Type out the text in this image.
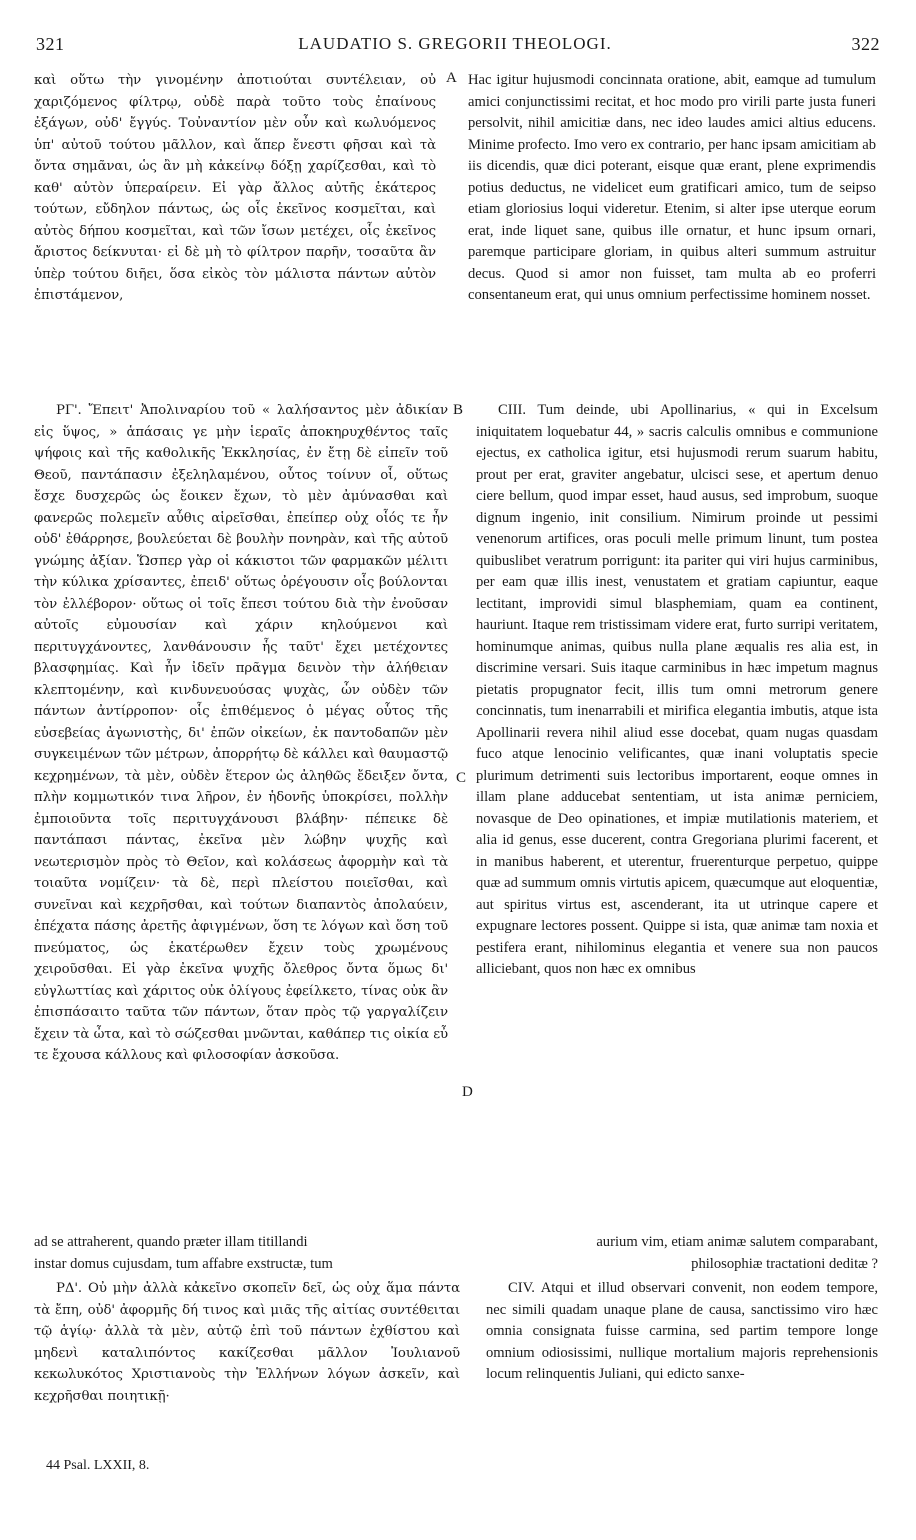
321	LAUDATIO S. GREGORII THEOLOGI.	322
A
B
C
D

καὶ οὕτω τὴν γινομένην ἀποτιούται συντέλειαν, οὐ χαριζόμενος φίλτρῳ, οὐδὲ παρὰ τοῦτο τοὺς ἐπαίνους ἐξάγων, οὐδ' ἔγγύς. Τοὐναντίον μὲν οὖν καὶ κωλυόμενος ὑπ' αὐτοῦ τούτου μᾶλλον, καὶ ἅπερ ἔνεστι φῆσαι καὶ τὰ ὄντα σημᾶναι, ὡς ἂν μὴ κἀκείνῳ δόξῃ χαρίζεσθαι, καὶ τὸ καθ' αὑτὸν ὑπεραίρειν. Εἰ γὰρ ἄλλος αὐτῆς ἑκάτερος τούτων, εὔδηλον πάντως, ὡς οἷς ἐκεῖνος κοσμεῖται, καὶ αὐτὸς δήπου κοσμεῖται, καὶ τῶν ἴσων μετέχει, οἷς ἐκεῖνος ἄριστος δείκνυται· εἰ δὲ μὴ τὸ φίλτρον παρῆν, τοσαῦτα ἂν ὑπὲρ τούτου διῆει, ὅσα εἰκὸς τὸν μάλιστα πάντων αὐτὸν ἐπιστάμενον,

Hac igitur hujusmodi concinnata oratione, abit, eamque ad tumulum amici conjunctissimi recitat, et hoc modo pro virili parte justa funeri persolvit, nihil amicitiæ dans, nec ideo laudes amici altius educens. Minime profecto. Imo vero ex contrario, per hanc ipsam amicitiam ab iis dicendis, quæ dici poterant, eisque quæ erant, plene exprimendis potius deductus, ne videlicet eum gratificari amico, tum de seipso etiam gloriosius loqui videretur. Etenim, si alter ipse uterque eorum erat, inde liquet sane, quibus ille ornatur, et hunc ipsum ornari, paremque participare gloriam, in quibus alteri summum astruitur decus. Quod si amor non fuisset, tam multa ab eo proferri consentaneum erat, qui unus omnium perfectissime hominem nosset.

ΡΓ'. Ἔπειτ' Ἀπολιναρίου τοῦ « λαλήσαντος μὲν ἀδικίαν εἰς ὕψος, » ἁπάσαις γε μὴν ἱεραῖς ἀποκηρυχθέντος ταῖς ψήφοις καὶ τῆς καθολικῆς Ἐκκλησίας, ἐν ἔτῃ δὲ εἰπεῖν τοῦ Θεοῦ, παντάπασιν ἐξεληλαμένου, οὗτος τοίνυν οἷ, οὕτως ἔσχε δυσχερῶς ὡς ἔοικεν ἔχων, τὸ μὲν ἀμύνασθαι καὶ φανερῶς πολεμεῖν αὖθις αἱρεῖσθαι, ἐπείπερ οὐχ οἷός τε ἦν οὐδ' ἐθάρρησε, βουλεύεται δὲ βουλὴν πονηρὰν, καὶ τῆς αὐτοῦ γνώμης ἀξίαν. Ὥσπερ γὰρ οἱ κάκιστοι τῶν φαρμακῶν μέλιτι τὴν κύλικα χρίσαντες, ἐπειδ' οὕτως ὀρέγουσιν οἷς βούλονται τὸν ἐλλέβορον· οὕτως οἱ τοῖς ἔπεσι τούτου διὰ τὴν ἐνοῦσαν αὐτοῖς εὐμουσίαν καὶ χάριν κηλούμενοι καὶ περιτυγχάνοντες, λανθάνουσιν ἧς ταῦτ' ἔχει μετέχοντες βλασφημίας. Καὶ ἦν ἰδεῖν πρᾶγμα δεινὸν τὴν ἀλήθειαν κλεπτομένην, καὶ κινδυνευούσας ψυχὰς, ὧν οὐδὲν τῶν πάντων ἀντίρροπον· οἷς ἐπιθέμενος ὁ μέγας οὗτος τῆς εὐσεβείας ἀγωνιστὴς, δι' ἐπῶν οἰκείων, ἐκ παντοδαπῶν μὲν συγκειμένων τῶν μέτρων, ἀπορρήτῳ δὲ κάλλει καὶ θαυμαστῷ κεχρημένων, τὰ μὲν, οὐδὲν ἕτερον ὡς ἀληθῶς ἔδειξεν ὄντα, πλὴν κομμωτικόν τινα λῆρον, ἐν ἡδονῆς ὑποκρίσει, πολλὴν ἐμποιοῦντα τοῖς περιτυγχάνουσι βλάβην· πέπεικε δὲ παντάπασι πάντας, ἐκεῖνα μὲν λώβην ψυχῆς καὶ νεωτερισμὸν πρὸς τὸ Θεῖον, καὶ κολάσεως ἀφορμὴν καὶ τὰ τοιαῦτα νομίζειν· τὰ δὲ, περὶ πλείστου ποιεῖσθαι, καὶ συνεῖναι καὶ κεχρῆσθαι, καὶ τούτων διαπαντὸς ἀπολαύειν, ἐπέχατα πάσης ἀρετῆς ἀφιγμένων, ὅση τε λόγων καὶ ὅση τοῦ πνεύματος, ὡς ἑκατέρωθεν ἔχειν τοὺς χρωμένους χειροῦσθαι. Εἰ γὰρ ἐκεῖνα ψυχῆς ὄλεθρος ὄντα ὅμως δι' εὐγλωττίας καὶ χάριτος οὐκ ὀλίγους ἐφείλκετο, τίνας οὐκ ἂν ἐπισπάσαιτο ταῦτα τῶν πάντων, ὅταν πρὸς τῷ γαργαλίζειν ἔχειν τὰ ὦτα, καὶ τὸ σώζεσθαι μνῶνται, καθάπερ τις οἰκία εὖ τε ἔχουσα κάλλους καὶ φιλοσοφίαν ἀσκοῦσα.

CIII. Tum deinde, ubi Apollinarius, « qui in Excelsum iniquitatem loquebatur 44, » sacris calculis omnibus e communione ejectus, ex catholica igitur, etsi hujusmodi rerum suarum habitu, prout per erat, graviter angebatur, ulcisci sese, et apertum denuo ciere bellum, quod impar esset, haud ausus, sed improbum, suoque dignum ingenio, init consilium. Nimirum proinde ut pessimi venenorum artifices, oras poculi melle primum linunt, tum postea quibuslibet veratrum porrigunt: ita pariter qui viri hujus carminibus, per eam quæ illis inest, venustatem et gratiam capiuntur, eaque lectitant, improvidi simul blasphemiam, quam ea continent, hauriunt. Itaque rem tristissimam videre erat, furto surripi veritatem, hominumque animas, quibus nulla plane æqualis res alia est, in discrimine versari. Suis itaque carminibus in hæc impetum magnus pietatis propugnator fecit, illis tum omni metrorum genere concinnatis, tum inenarrabili et mirifica elegantia imbutis, atque ista Apollinarii revera nihil aliud esse docebat, quam nugas quasdam fuco atque lenocinio velificantes, quæ inani voluptatis specie plurimum detrimenti suis lectoribus importarent, eoque omnes in illam plane adducebat sententiam, ut ista animæ perniciem, novasque de Deo opinationes, et impiæ mutilationis materiem, et alia id genus, esse ducerent, contra Gregoriana plurimi facerent, et in manibus haberent, et uterentur, fruerenturque perpetuo, quippe quæ ad summum omnis virtutis apicem, quæcumque aut eloquentiæ, aut spiritus virtus est, ascenderant, ita ut utrinque capere et expugnare lectores possent. Quippe si ista, quæ animæ tam noxia et pestifera erant, nihilominus elegantia et venere sua non paucos alliciebant, quos non hæc ex omnibus

ad se attraherent, quando præter illam titillandi	aurium vim, etiam animæ salutem comparabant,
instar domus cujusdam, tum affabre exstructæ, tum	philosophiæ tractationi deditæ ?

ΡΔ'. Οὐ μὴν ἀλλὰ κἀκεῖνο σκοπεῖν δεῖ, ὡς οὐχ ἅμα πάντα τὰ ἔπη, οὐδ' ἀφορμῆς δή τινος καὶ μιᾶς τῆς αἰτίας συντέθειται τῷ ἁγίῳ· ἀλλὰ τὰ μὲν, αὐτῷ ἐπὶ τοῦ πάντων ἐχθίστου καὶ μηδενὶ καταλιπόντος κακίζεσθαι μᾶλλον Ἰουλιανοῦ κεκωλυκότος Χριστιανοὺς τὴν Ἑλλήνων λόγων ἀσκεῖν, καὶ κεχρῆσθαι ποιητικῇ·

CIV. Atqui et illud observari convenit, non eodem tempore, nec simili quadam unaque plane de causa, sanctissimo viro hæc omnia consignata fuisse carmina, sed partim tempore longe omnium odiosissimi, nullique mortalium majoris reprehensionis locum relinquentis Juliani, qui edicto sanxe-

44 Psal. LXXII, 8.
